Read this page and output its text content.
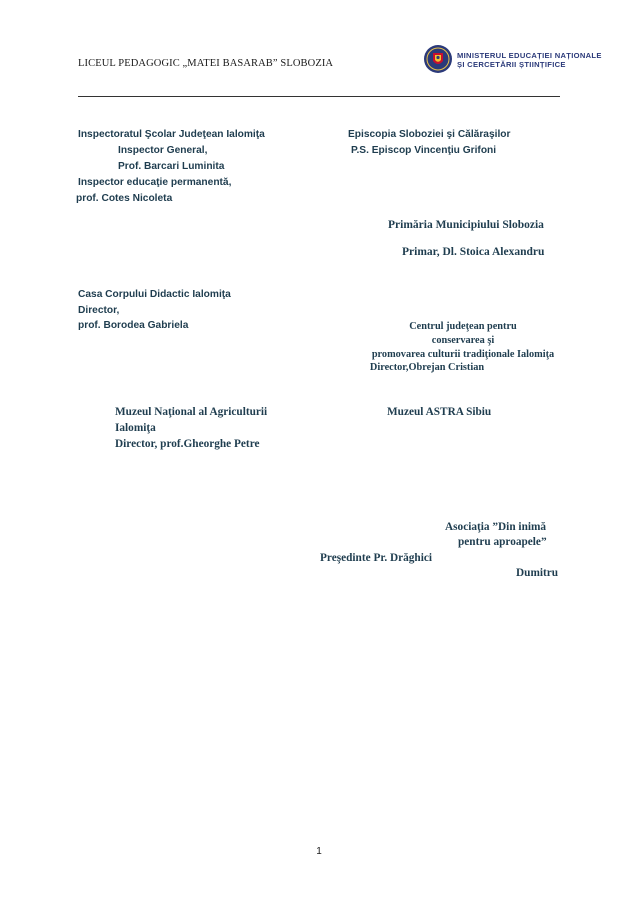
LICEUL PEDAGOGIC „MATEI BASARAB” SLOBOZIA
MINISTERUL EDUCAȚIEI NAȚIONALE
ȘI CERCETĂRII ȘTIINȚIFICE
Inspectoratul Şcolar Judeţean Ialomiţa
Inspector General,
Prof. Barcari Luminita
Inspector educaţie permanentă,
prof. Cotes Nicoleta
Episcopia Sloboziei şi Călăraşilor
P.S. Episcop Vincenţiu Grifoni
Primăria Municipiului Slobozia
Primar, Dl. Stoica Alexandru
Casa Corpului Didactic Ialomiţa
Director,
prof. Borodea Gabriela	Centrul judeţean pentru
conservarea şi
promovarea culturii tradiţionale Ialomiţa
Director,Obrejan Cristian
Muzeul Naţional al Agriculturii
Ialomiţa
Director, prof.Gheorghe Petre
Muzeul ASTRA Sibiu
Asociaţia ”Din inimă
pentru aproapele”
Preşedinte Pr. Drăghici
Dumitru
1
